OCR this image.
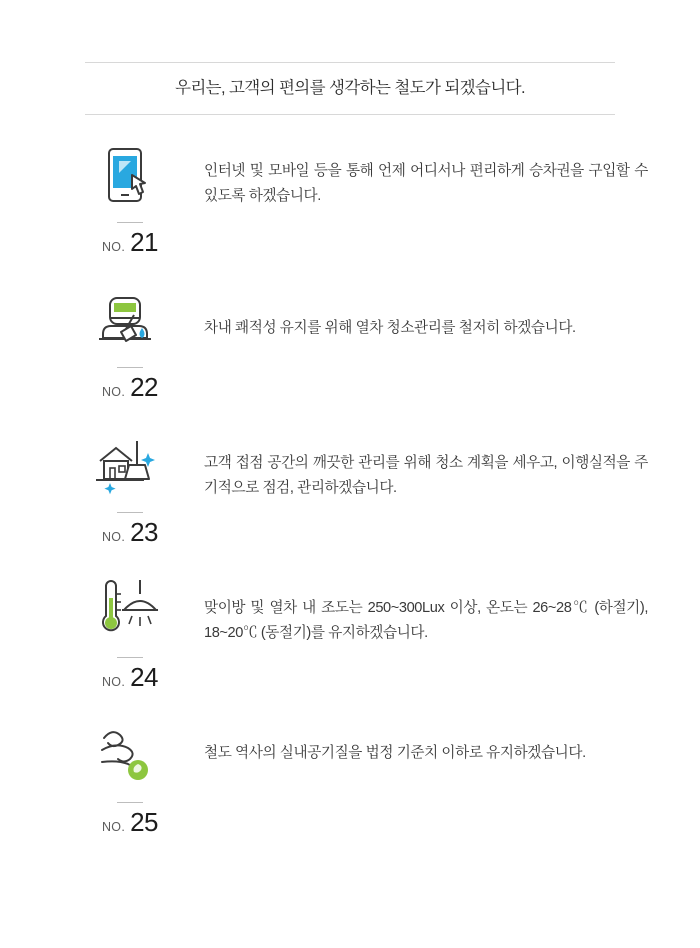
우리는, 고객의 편의를 생각하는 철도가 되겠습니다.
NO. 21
인터넷 및 모바일 등을 통해 언제 어디서나 편리하게 승차권을 구입할 수 있도록 하겠습니다.
NO. 22
차내 쾌적성 유지를 위해 열차 청소관리를 철저히 하겠습니다.
NO. 23
고객 접점 공간의 깨끗한 관리를 위해 청소 계획을 세우고, 이행실적을 주기적으로 점검, 관리하겠습니다.
NO. 24
맞이방 및 열차 내 조도는 250~300Lux 이상, 온도는 26~28℃ (하절기), 18~20℃ (동절기)를 유지하겠습니다.
NO. 25
철도 역사의 실내공기질을 법정 기준치 이하로 유지하겠습니다.
